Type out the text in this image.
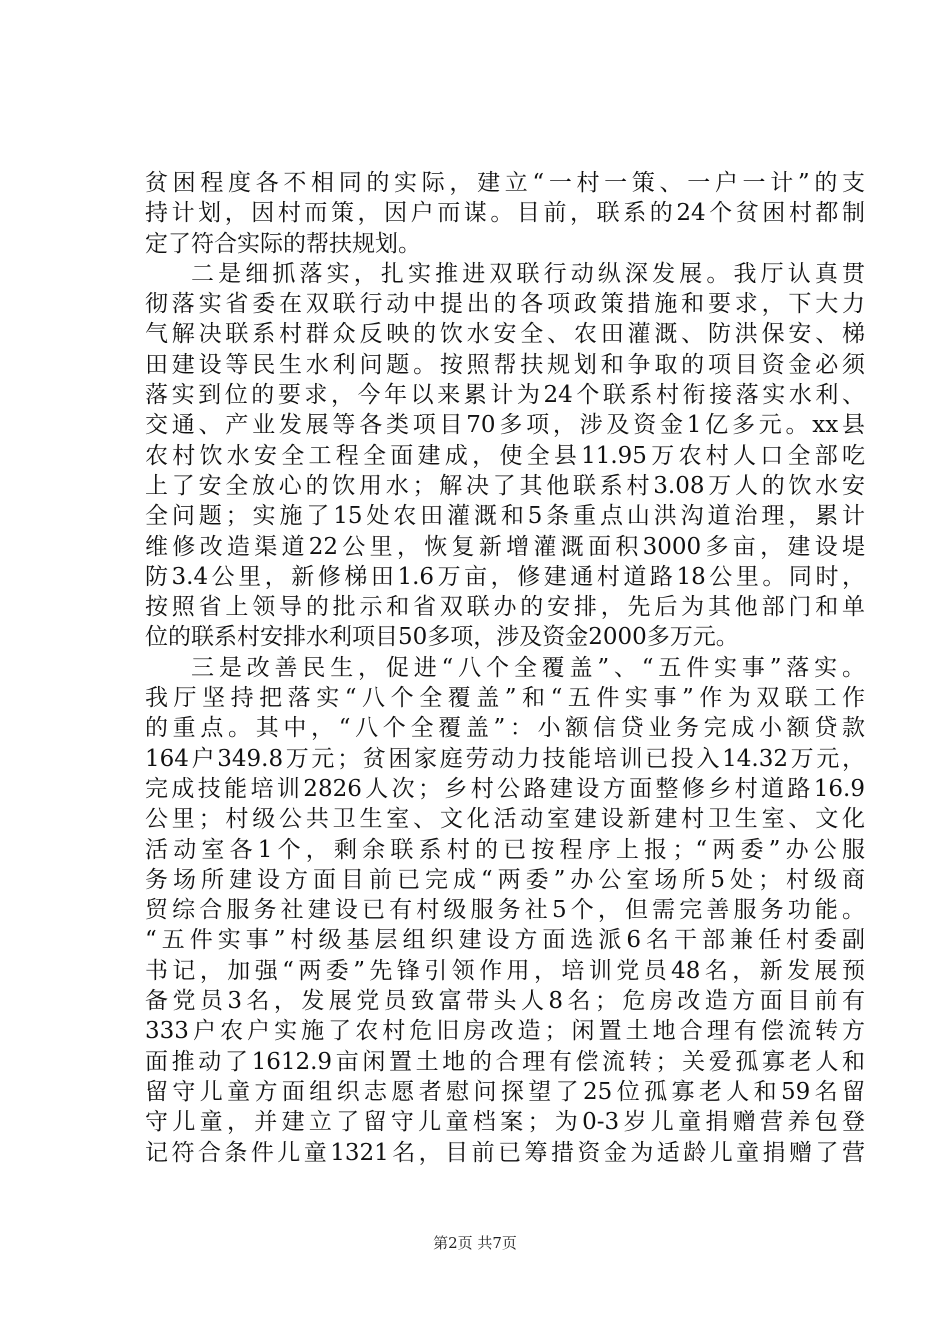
贫困程度各不相同的实际，建立“一村一策、一户一计”的支
持计划，因村而策，因户而谋。目前，联系的24个贫困村都制
定了符合实际的帮扶规划。
二是细抓落实，扎实推进双联行动纵深发展。我厅认真贯
彻落实省委在双联行动中提出的各项政策措施和要求，下大力
气解决联系村群众反映的饮水安全、农田灌溉、防洪保安、梯
田建设等民生水利问题。按照帮扶规划和争取的项目资金必须
落实到位的要求，今年以来累计为24个联系村衔接落实水利、
交通、产业发展等各类项目70多项，涉及资金1亿多元。xx县
农村饮水安全工程全面建成，使全县11.95万农村人口全部吃
上了安全放心的饮用水；解决了其他联系村3.08万人的饮水安
全问题；实施了15处农田灌溉和5条重点山洪沟道治理，累计
维修改造渠道22公里，恢复新增灌溉面积3000多亩，建设堤
防3.4公里，新修梯田1.6万亩，修建通村道路18公里。同时，
按照省上领导的批示和省双联办的安排，先后为其他部门和单
位的联系村安排水利项目50多项，涉及资金2000多万元。
三是改善民生，促进“八个全覆盖”、“五件实事”落实。
我厅坚持把落实“八个全覆盖”和“五件实事”作为双联工作
的重点。其中，“八个全覆盖”：小额信贷业务完成小额贷款
164户349.8万元；贫困家庭劳动力技能培训已投入14.32万元，
完成技能培训2826人次；乡村公路建设方面整修乡村道路16.9
公里；村级公共卫生室、文化活动室建设新建村卫生室、文化
活动室各1个，剩余联系村的已按程序上报；“两委”办公服
务场所建设方面目前已完成“两委”办公室场所5处；村级商
贸综合服务社建设已有村级服务社5个，但需完善服务功能。
“五件实事”村级基层组织建设方面选派6名干部兼任村委副
书记，加强“两委”先锋引领作用，培训党员48名，新发展预
备党员3名，发展党员致富带头人8名；危房改造方面目前有
333户农户实施了农村危旧房改造；闲置土地合理有偿流转方
面推动了1612.9亩闲置土地的合理有偿流转；关爱孤寡老人和
留守儿童方面组织志愿者慰问探望了25位孤寡老人和59名留
守儿童，并建立了留守儿童档案；为0-3岁儿童捐赠营养包登
记符合条件儿童1321名，目前已筹措资金为适龄儿童捐赠了营
第2页 共7页
